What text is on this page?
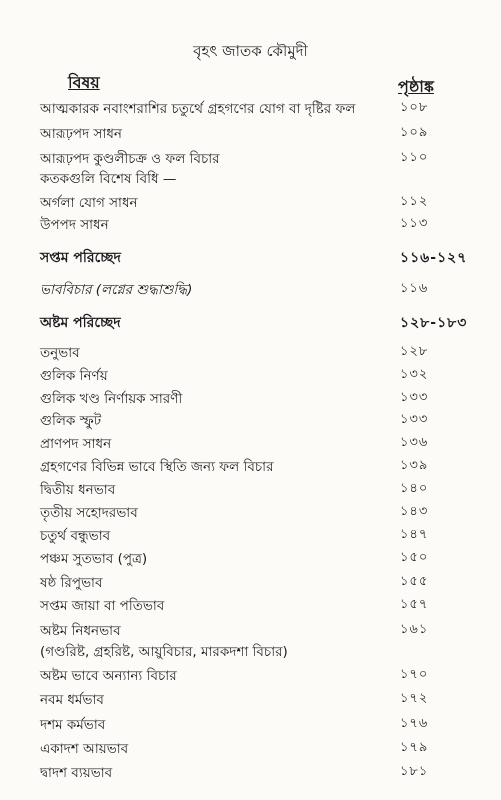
বৃহৎ জাতক কৌমুদী
বিষয়	পৃষ্ঠাঙ্ক
আত্মকারক নবাংশরাশির চতুর্থে গ্রহগণের যোগ বা দৃষ্টির ফল	১০৮
আরূঢ়পদ সাধন	১০৯
আরূঢ়পদ কুণ্ডলীচক্র ও ফল বিচার	১১০
কতকগুলি বিশেষ বিধি —
অর্গলা যোগ সাধন	১১২
উপপদ সাধন	১১৩
সপ্তম পরিচ্ছেদ	১১৬-১২৭
ভাববিচার (লগ্নের শুদ্ধাশুদ্ধি)	১১৬
অষ্টম পরিচ্ছেদ	১২৮-১৮৩
তনুভাব	১২৮
গুলিক নির্ণয়	১৩২
গুলিক খণ্ড নির্ণায়ক সারণী	১৩৩
গুলিক স্ফুট	১৩৩
প্রাণপদ সাধন	১৩৬
গ্রহগণের বিভিন্ন ভাবে স্থিতি জন্য ফল বিচার	১৩৯
দ্বিতীয় ধনভাব	১৪০
তৃতীয় সহোদরভাব	১৪৩
চতুর্থ বন্ধুভাব	১৪৭
পঞ্চম সুতভাব (পুত্র)	১৫০
ষষ্ঠ রিপুভাব	১৫৫
সপ্তম জায়া বা পতিভাব	১৫৭
অষ্টম নিধনভাব	১৬১
(গণ্ডরিষ্ট, গ্রহরিষ্ট, আয়ুবিচার, মারকদশা বিচার)
অষ্টম ভাবে অন্যান্য বিচার	১৭০
নবম ধর্মভাব	১৭২
দশম কর্মভাব	১৭৬
একাদশ আয়ভাব	১৭৯
দ্বাদশ ব্যয়ভাব	১৮১
